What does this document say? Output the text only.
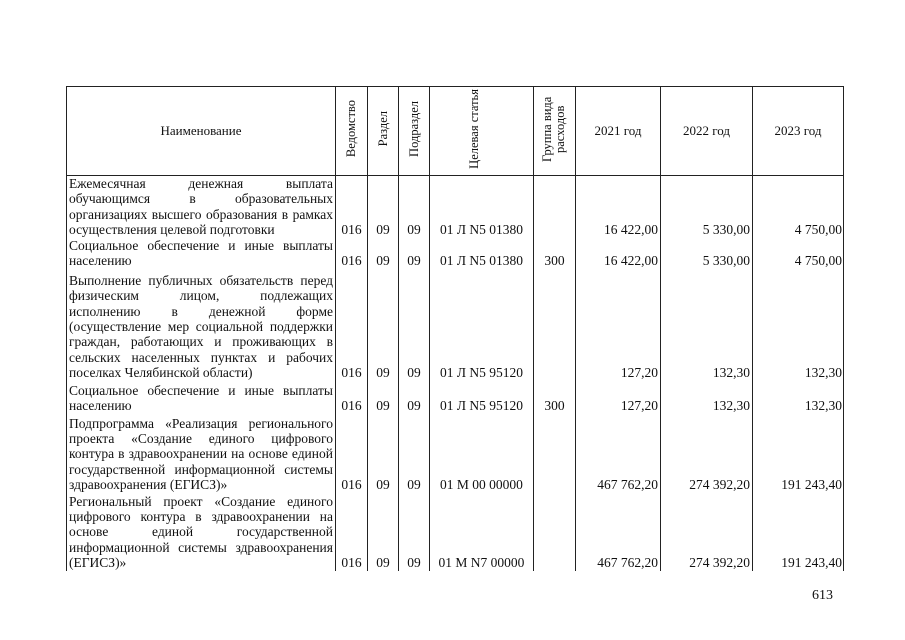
Наименование	Ведомство	Раздел	Подраздел	Целевая статья	Группа вида расходов	2021 год	2022 год	2023 год
Ежемесячная денежная выплата обучающимся в образовательных организациях высшего образования в рамках осуществления целевой подготовки	016	09	09	01 Л N5 01380		16 422,00	5 330,00	4 750,00
Социальное обеспечение и иные выплаты населению	016	09	09	01 Л N5 01380	300	16 422,00	5 330,00	4 750,00
Выполнение публичных обязательств перед физическим лицом, подлежащих исполнению в денежной форме (осуществление мер социальной поддержки граждан, работающих и проживающих в сельских населенных пунктах и рабочих поселках Челябинской области)	016	09	09	01 Л N5 95120		127,20	132,30	132,30
Социальное обеспечение и иные выплаты населению	016	09	09	01 Л N5 95120	300	127,20	132,30	132,30
Подпрограмма «Реализация регионального проекта «Создание единого цифрового контура в здравоохранении на основе единой государственной информационной системы здравоохранения (ЕГИСЗ)»	016	09	09	01 М 00 00000		467 762,20	274 392,20	191 243,40
Региональный проект «Создание единого цифрового контура в здравоохранении на основе единой государственной информационной системы здравоохранения (ЕГИСЗ)»	016	09	09	01 М N7 00000		467 762,20	274 392,20	191 243,40
613
